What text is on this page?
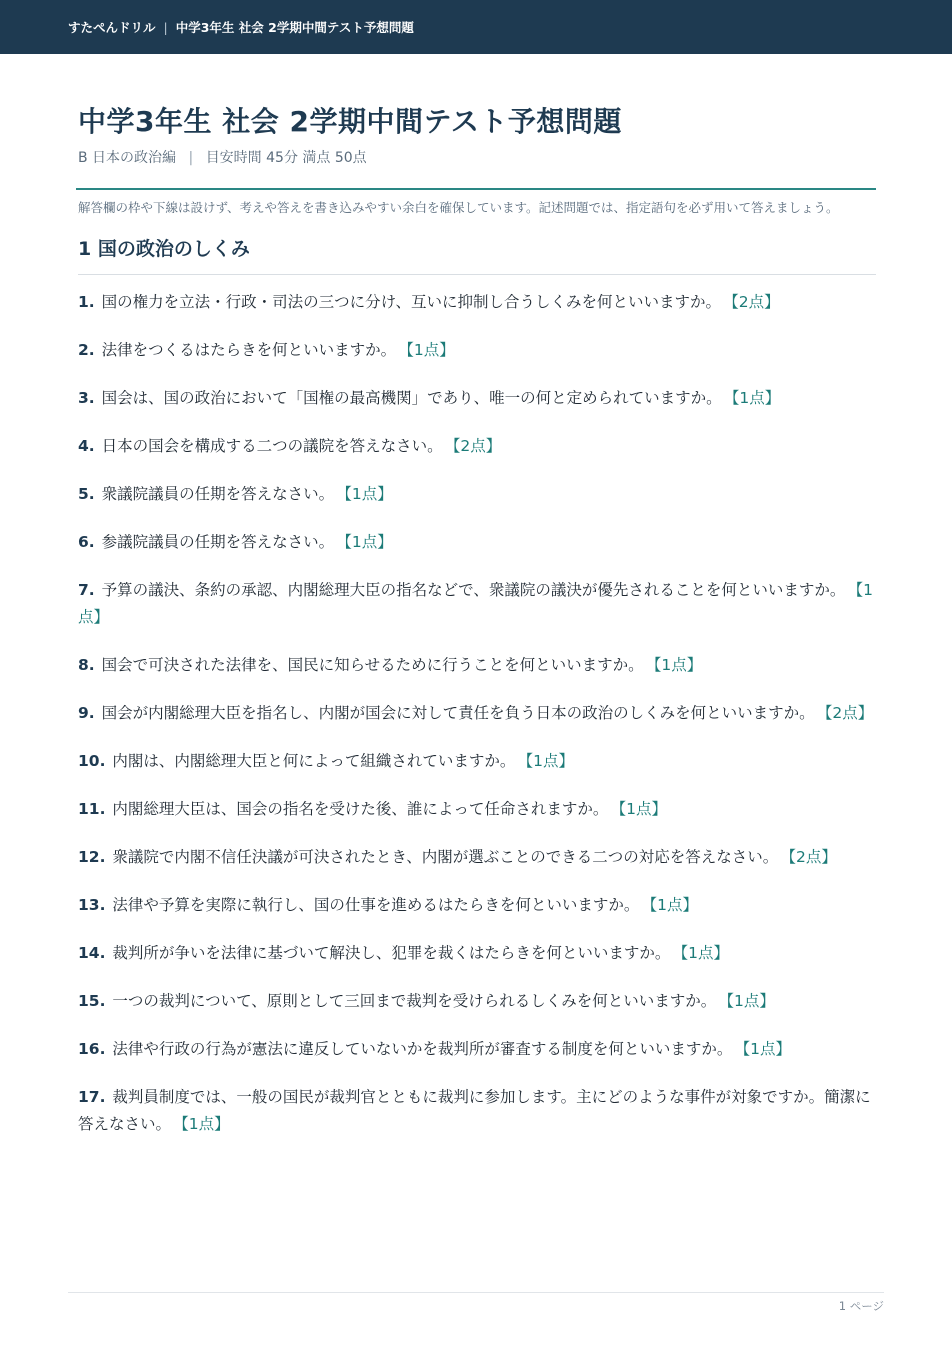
すたぺんドリル | 中学3年生 社会 2学期中間テスト予想問題
中学3年生 社会 2学期中間テスト予想問題
B 日本の政治編 | 目安時間 45分 満点 50点

解答欄の枠や下線は設けず、考えや答えを書き込みやすい余白を確保しています。記述問題では、指定語句を必ず用いて答えましょう。

1 国の政治のしくみ
1. 国の権力を立法・行政・司法の三つに分け、互いに抑制し合うしくみを何といいますか。 【2点】
2. 法律をつくるはたらきを何といいますか。 【1点】
3. 国会は、国の政治において「国権の最高機関」であり、唯一の何と定められていますか。 【1点】
4. 日本の国会を構成する二つの議院を答えなさい。 【2点】
5. 衆議院議員の任期を答えなさい。 【1点】
6. 参議院議員の任期を答えなさい。 【1点】
7. 予算の議決、条約の承認、内閣総理大臣の指名などで、衆議院の議決が優先されることを何といいますか。 【1点】
8. 国会で可決された法律を、国民に知らせるために行うことを何といいますか。 【1点】
9. 国会が内閣総理大臣を指名し、内閣が国会に対して責任を負う日本の政治のしくみを何といいますか。 【2点】
10. 内閣は、内閣総理大臣と何によって組織されていますか。 【1点】
11. 内閣総理大臣は、国会の指名を受けた後、誰によって任命されますか。 【1点】
12. 衆議院で内閣不信任決議が可決されたとき、内閣が選ぶことのできる二つの対応を答えなさい。 【2点】
13. 法律や予算を実際に執行し、国の仕事を進めるはたらきを何といいますか。 【1点】
14. 裁判所が争いを法律に基づいて解決し、犯罪を裁くはたらきを何といいますか。 【1点】
15. 一つの裁判について、原則として三回まで裁判を受けられるしくみを何といいますか。 【1点】
16. 法律や行政の行為が憲法に違反していないかを裁判所が審査する制度を何といいますか。 【1点】
17. 裁判員制度では、一般の国民が裁判官とともに裁判に参加します。主にどのような事件が対象ですか。簡潔に答えなさい。 【1点】
1 ページ
